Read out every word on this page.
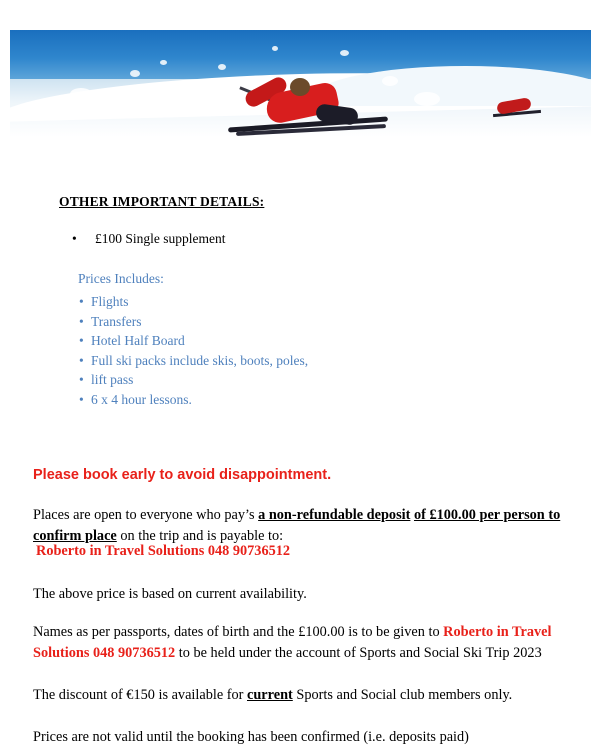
OTHER IMPORTANT DETAILS:
•	£100 Single supplement
Prices Includes:
• Flights
• Transfers
• Hotel Half Board
• Full ski packs include skis, boots, poles,
• lift pass
• 6 x 4 hour lessons.
Please book early to avoid disappointment.
Places are open to everyone who pay’s a non-refundable deposit of £100.00 per person to confirm place on the trip and is payable to:
Roberto in Travel Solutions 048 90736512
The above price is based on current availability.
Names as per passports, dates of birth and the £100.00 is to be given to Roberto in Travel Solutions 048 90736512 to be held under the account of Sports and Social Ski Trip 2023
The discount of €150 is available for current Sports and Social club members only.
Prices are not valid until the booking has been confirmed (i.e. deposits paid)
